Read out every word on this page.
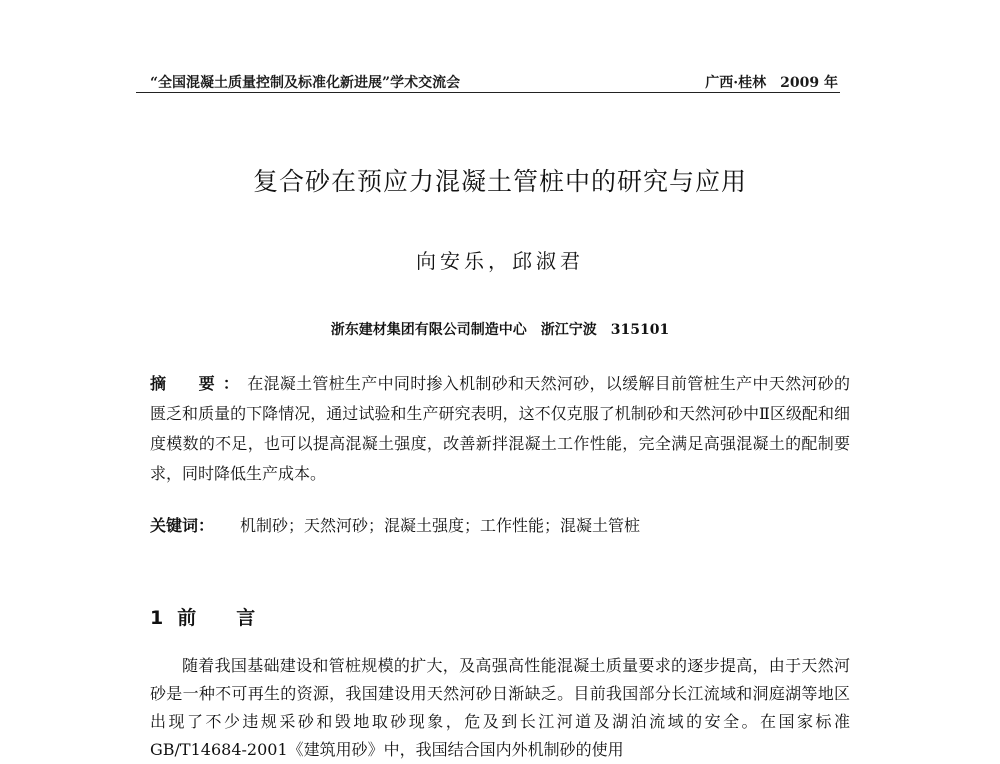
“全国混凝土质量控制及标准化新进展”学术交流会	广西·桂林　2009 年
复合砂在预应力混凝土管桩中的研究与应用
向安乐，邱淑君
浙东建材集团有限公司制造中心　浙江宁波　315101
摘　要：在混凝土管桩生产中同时掺入机制砂和天然河砂，以缓解目前管桩生产中天然河砂的匮乏和质量的下降情况，通过试验和生产研究表明，这不仅克服了机制砂和天然河砂中Ⅱ区级配和细度模数的不足，也可以提高混凝土强度，改善新拌混凝土工作性能，完全满足高强混凝土的配制要求，同时降低生产成本。
关键词： 机制砂；天然河砂；混凝土强度；工作性能；混凝土管桩
1 前言
随着我国基础建设和管桩规模的扩大，及高强高性能混凝土质量要求的逐步提高，由于天然河砂是一种不可再生的资源，我国建设用天然河砂日渐缺乏。目前我国部分长江流域和洞庭湖等地区出现了不少违规采砂和毁地取砂现象，危及到长江河道及湖泊流域的安全。在国家标准 GB/T14684-2001《建筑用砂》中，我国结合国内外机制砂的使用
